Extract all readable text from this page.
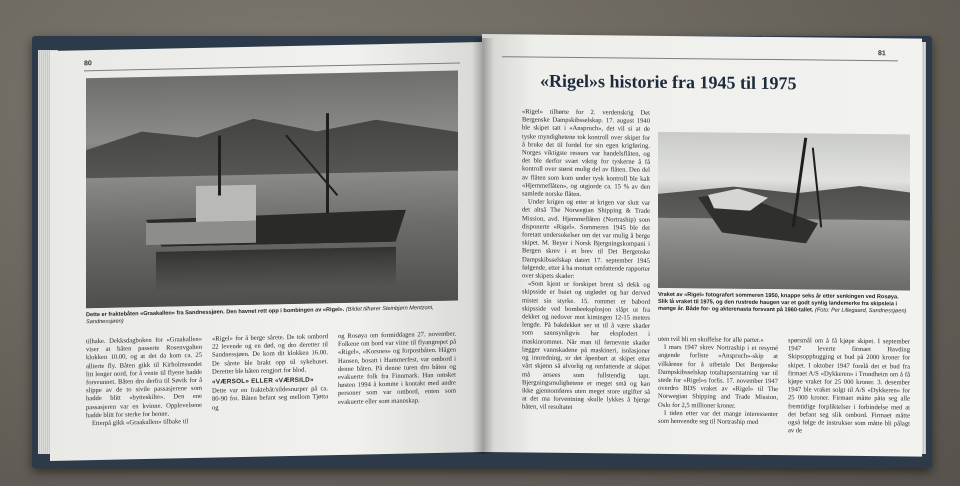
80
Dette er fraktebåten «Graakallen» fra Sandnessjøen. Den havnet rett opp i bombingen av «Rigel». (Bildet tilhører Steinbjørn Mentzoni, Sandnessjøen)

tilhake. Dekksdagboken for «Graakallen» viser at båten passerte Rosenvgalten klokken 10.00, og at det da kom ca. 25 allierte fly. Båten gikk til Kirholmsundet litt lenger nord, for å vente til flyene hadde forsvunnet. Båten dro derfra til Søvik for å slippe av de to sivile passasjerene som hadde blitt «bytteskilte». Den ene passasjeren var en kvinne. Opplevelsene hadde blitt for sterke for henne.

Etterpå gikk «Graakallen» tilbake til

«Rigel» for å berge sårete. De tok ombord 22 levende og en død, og dro deretter til Sandnessjøen. De kom dit klokken 16.00. De sårete ble brakt opp til sykehuset. Deretter ble båten rengjort for blod.

«VÆRSOL» ELLER «VÆRSILD»

Dette var en fraktebåt/sildesnurper på ca. 80-90 fot. Båten befant seg mellom Tjøtta og

og Rosøya om formiddagen 27. november. Folkene om bord var vitne til flyangrepet på «Rigel», «Korsnes» og forpostbåten. Hågen Hansen, bosatt i Hammerfest, var ombord i denne båten. På denne turen dro båten og evakuerte folk fra Finnmark. Han omsket høsten 1994 å komme i kontakt med andre personer som var ombord, enten som evakuerte eller som mannskap.

81
«Rigel»s historie fra 1945 til 1975

«Rigel» tilhørte for 2. verdenskrig Det Bergenske Dampskibsselskap. 17. august 1940 ble skipet tatt i «Anspruch», det vil si at de tyske myndighetene tok kontroll over skipet for å bruke det til fordel for sin egen krigføring. Norges viktigste ressurs var handelsflåten, og det ble derfor svart viktig for tyskerne å få kontroll over størst mulig del av flåten. Den del av flåten som kom under tysk kontroll ble kalt «Hjemmeflåten», og utgjorde ca. 15 % av den samlede norske flåten.

Under krigen og etter at krigen var slutt var det altså The Norwegian Shipping & Trade Mission, avd. Hjemmeflåten (Nortraship) som disponerte «Rigel». Sommeren 1945 ble det foretatt undersokelser om det var mulig å berge skipet. M. Beyer i Norsk Bjergningskompani i Bergen skrev i et brev til Det Bergenske Dampskibsselskap datert 17. september 1945 følgende, etter å ha mottatt omfattende rapporter over skipets skader:

«Som kjent er forskipet brent så dekk og skipsside er buiet og utglødet og har derved mistet sin styrke. 15. rommet er babord skipsside ved bombeeksplosjon slåpt ut fra dekket og nedover mot kimingen 12-15 meters lengde. På bakdekket ser ut til å være skader som sannsynligvis har eksplodert i maskinrommet. Når man til førnevnte skader lægger vannskadene på maskineri, isolasjoner og innredning, er det åpenbart at skipet etter vårt skjønn så alvorlig og omfattende at skipet må ansees som fullstendig tapt. Bjergningsmulighetene er meget små og kan ikke gjennomføres uten meget store utgifter så at det ma forventning skulle lykkes å bjerge båten, vil resultatet

Vraket av «Rigel» fotografert sommeren 1950, knappe seks år etter senkingen ved Rosøya. Slik lå vraket til 1975, og den rustrede haugen var et godt synlig landemerke fra skipsleia i mange år. Både for- og akterenasta forsvant på 1960-tallet. (Foto: Per Lillegaard, Sandnessjøen)

uten tvil bli en skuffelse for alle parter.»

I mars 1947 skrev Nortraship i et resymé angende forliste «Anspruch»-skip at vilkårene for å utbetale Det Bergenske Dampskibsselskap totaltapserstatning var til stede for «Rigel»s forlis. 17. november 1947 overdro BDS vraket av «Rigel» til The Norwegian Shipping and Trade Mission, Oslo for 2,5 millioner kroner.

I tiden etter var det mange interessenter som henvendte seg til Nortraship med

spørsmål om å få kjøpe skipet. I september 1947 leverte firmaet Havding Skipsopphugging et bud på 2000 kroner for skipet. I oktober 1947 forelå det et bud fra firmaet A/S «Dykkeren» i Trondheim om å få kjøpe vraket for 25 000 kroner. 3. desember 1947 ble vraket solgt til A/S «Dykkeren» for 25 000 kroner. Firmaet måtte påta seg alle fremtidige forpliktelser i forbindelse med at det befant seg slik ombord. Firmaet måtte også følge de instrukser som måtte bli pålagt av de
